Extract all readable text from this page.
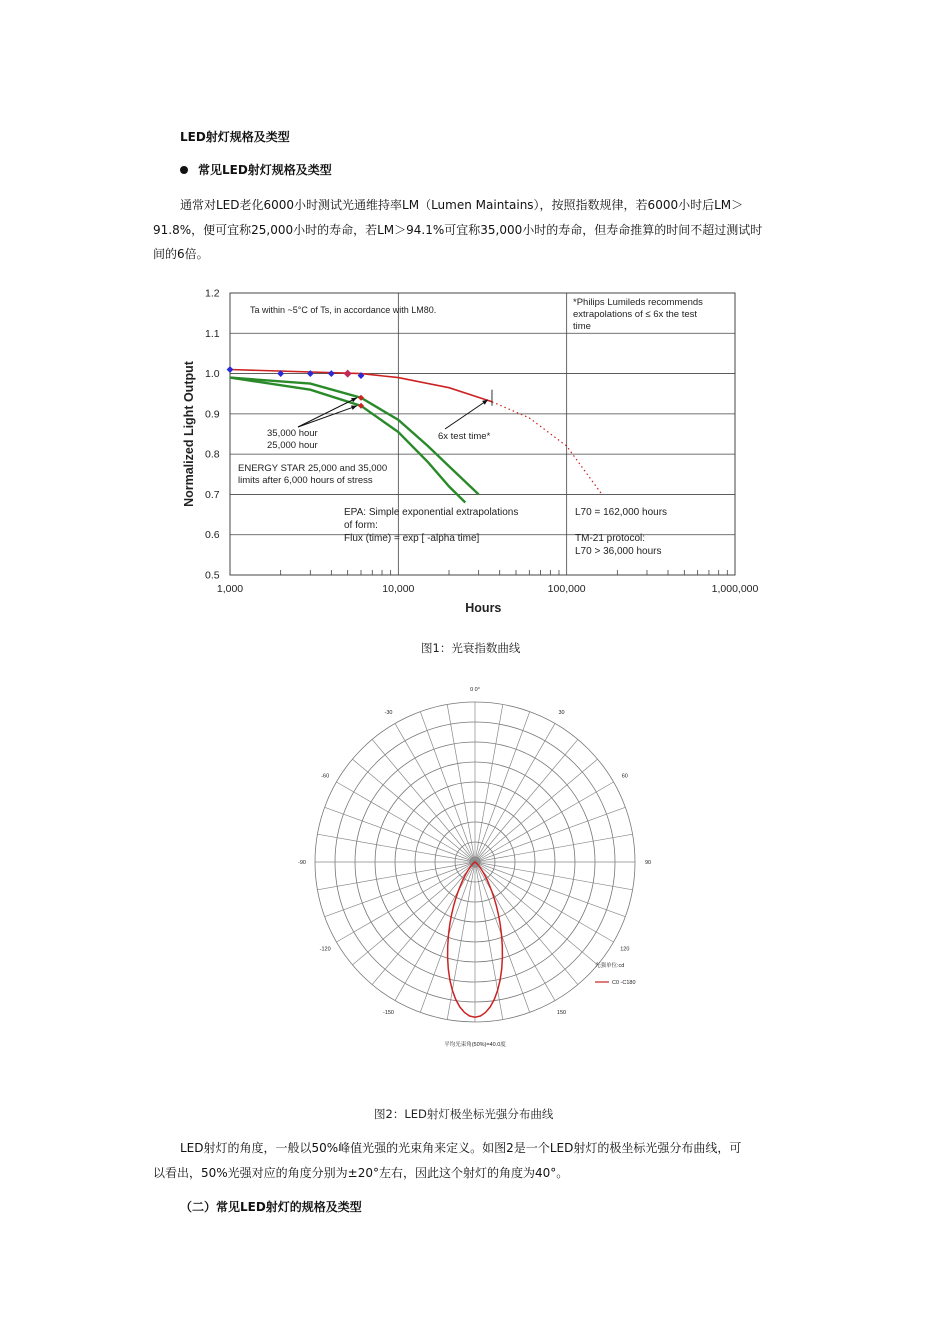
LED射灯规格及类型
常见LED射灯规格及类型
通常对LED老化6000小时测试光通维持率LM（Lumen Maintains），按照指数规律，若6000小时后LM＞
91.8%，便可宜称25,000小时的寿命，若LM＞94.1%可宜称35,000小时的寿命，但寿命推算的时间不超过测试时
间的6倍。
1.2
1.1
1.0
0.9
0.8
0.7
0.6
0.5
1,000	10,000	100,000	1,000,000
Hours
Normalized Light Output
Ta within ~5°C of Ts, in accordance with LM80.
*Philips Lumileds recommends
extrapolations of ≤ 6x the test
time
35,000 hour
25,000 hour
ENERGY STAR 25,000 and 35,000
limits after 6,000 hours of stress
6x test time*
EPA: Simple exponential extrapolations
of form:
Flux (time) = exp [ -alpha time]
L70 = 162,000 hours
TM-21 protocol:
L70 > 36,000 hours
图1：光衰指数曲线
0 0°
30
60
90
120
150
-30
-60
-90
-120
-150
光强单位:cd
C0 -C180
平均光束角(50%)=40.0度
图2：LED射灯极坐标光强分布曲线
LED射灯的角度，一般以50%峰值光强的光束角来定义。如图2是一个LED射灯的极坐标光强分布曲线，可
以看出，50%光强对应的角度分别为±20°左右，因此这个射灯的角度为40°。
（二）常见LED射灯的规格及类型
